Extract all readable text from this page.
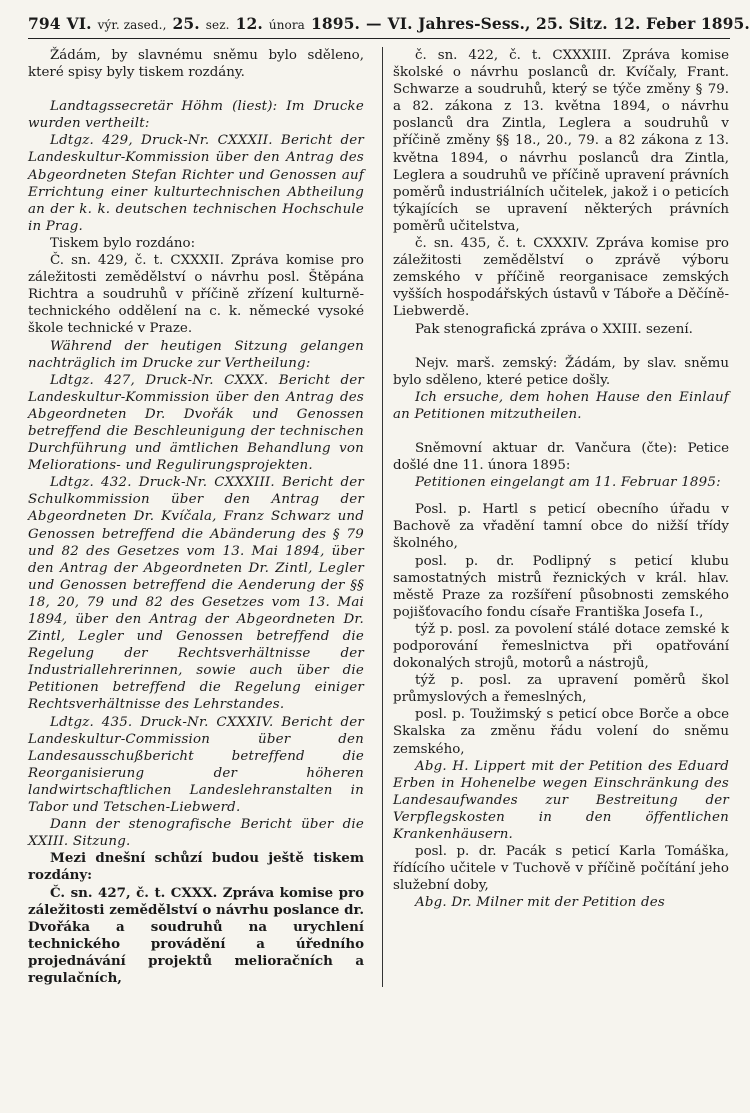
794 VI. výr. zased., 25. sez. 12. února 1895. — VI. Jahres-Sess., 25. Sitz. 12. Feber 1895.

Žádám, by slavnému sněmu bylo sděleno, které spisy byly tiskem rozdány.

Landtagssecretär Höhm (liest): Im Drucke wurden vertheilt:

Ldtgz. 429, Druck-Nr. CXXXII. Bericht der Landeskultur-Kommission über den Antrag des Abgeordneten Stefan Richter und Genossen auf Errichtung einer kulturtechnischen Abtheilung an der k. k. deutschen technischen Hochschule in Prag.

Tiskem bylo rozdáno:

Č. sn. 429, č. t. CXXXII. Zpráva komise pro záležitosti zemědělství o návrhu posl. Štěpána Richtra a soudruhů v příčině zřízení kulturně-technického oddělení na c. k. německé vysoké škole technické v Praze.

Während der heutigen Sitzung gelangen nachträglich im Drucke zur Vertheilung:

Ldtgz. 427, Druck-Nr. CXXX. Bericht der Landeskultur-Kommission über den Antrag des Abgeordneten Dr. Dvořák und Genossen betreffend die Beschleunigung der technischen Durchführung und ämtlichen Behandlung von Meliorations- und Regulirungsprojekten.

Ldtgz. 432. Druck-Nr. CXXXIII. Bericht der Schulkommission über den Antrag der Abgeordneten Dr. Kvíčala, Franz Schwarz und Genossen betreffend die Abänderung des § 79 und 82 des Gesetzes vom 13. Mai 1894, über den Antrag der Abgeordneten Dr. Zintl, Legler und Genossen betreffend die Aenderung der §§ 18, 20, 79 und 82 des Gesetzes vom 13. Mai 1894, über den Antrag der Abgeordneten Dr. Zintl, Legler und Genossen betreffend die Regelung der Rechtsverhältnisse der Industriallehrerinnen, sowie auch über die Petitionen betreffend die Regelung einiger Rechtsverhältnisse des Lehrstandes.

Ldtgz. 435. Druck-Nr. CXXXIV. Bericht der Landeskultur-Commission über den Landesausschußbericht betreffend die Reorganisierung der höheren landwirtschaftlichen Landeslehranstalten in Tabor und Tetschen-Liebwerd.

Dann der stenografische Bericht über die XXIII. Sitzung.

Mezi dnešní schůzí budou ještě tiskem rozdány:

Č. sn. 427, č. t. CXXX. Zpráva komise pro záležitosti zemědělství o návrhu poslance dr. Dvořáka a soudruhů na urychlení technického provádění a úředního projednávání projektů melioračních a regulačních,

č. sn. 422, č. t. CXXXIII. Zpráva komise školské o návrhu poslanců dr. Kvíčaly, Frant. Schwarze a soudruhů, který se týče změny § 79. a 82. zákona z 13. května 1894, o návrhu poslanců dra Zintla, Leglera a soudruhů v příčině změny §§ 18., 20., 79. a 82 zákona z 13. května 1894, o návrhu poslanců dra Zintla, Leglera a soudruhů ve příčině upravení právních poměrů industriálních učitelek, jakož i o peticích týkajících se upravení některých právních poměrů učitelstva,

č. sn. 435, č. t. CXXXIV. Zpráva komise pro záležitosti zemědělství o zprávě výboru zemského v příčině reorganisace zemských vyšších hospodářských ústavů v Táboře a Děčíně-Liebwerdě.

Pak stenografická zpráva o XXIII. sezení.

Nejv. marš. zemský: Žádám, by slav. sněmu bylo sděleno, které petice došly.

Ich ersuche, dem hohen Hause den Einlauf an Petitionen mitzutheilen.

Sněmovní aktuar dr. Vančura (čte): Petice došlé dne 11. února 1895:

Petitionen eingelangt am 11. Februar 1895:

Posl. p. Hartl s peticí obecního úřadu v Bachově za vřadění tamní obce do nižší třídy školného,

posl. p. dr. Podlipný s peticí klubu samostatných mistrů řeznických v král. hlav. městě Praze za rozšíření působnosti zemského pojišťovacího fondu císaře Františka Josefa I.,

týž p. posl. za povolení stálé dotace zemské k podporování řemeslnictva při opatřování dokonalých strojů, motorů a nástrojů,

týž p. posl. za upravení poměrů škol průmyslových a řemeslných,

posl. p. Toužimský s peticí obce Borče a obce Skalska za změnu řádu volení do sněmu zemského,

Abg. H. Lippert mit der Petition des Eduard Erben in Hohenelbe wegen Einschränkung des Landesaufwandes zur Bestreitung der Verpflegskosten in den öffentlichen Krankenhäusern.

posl. p. dr. Pacák s peticí Karla Tomáška, řídícího učitele v Tuchově v příčině počítání jeho služební doby,

Abg. Dr. Milner mit der Petition des
